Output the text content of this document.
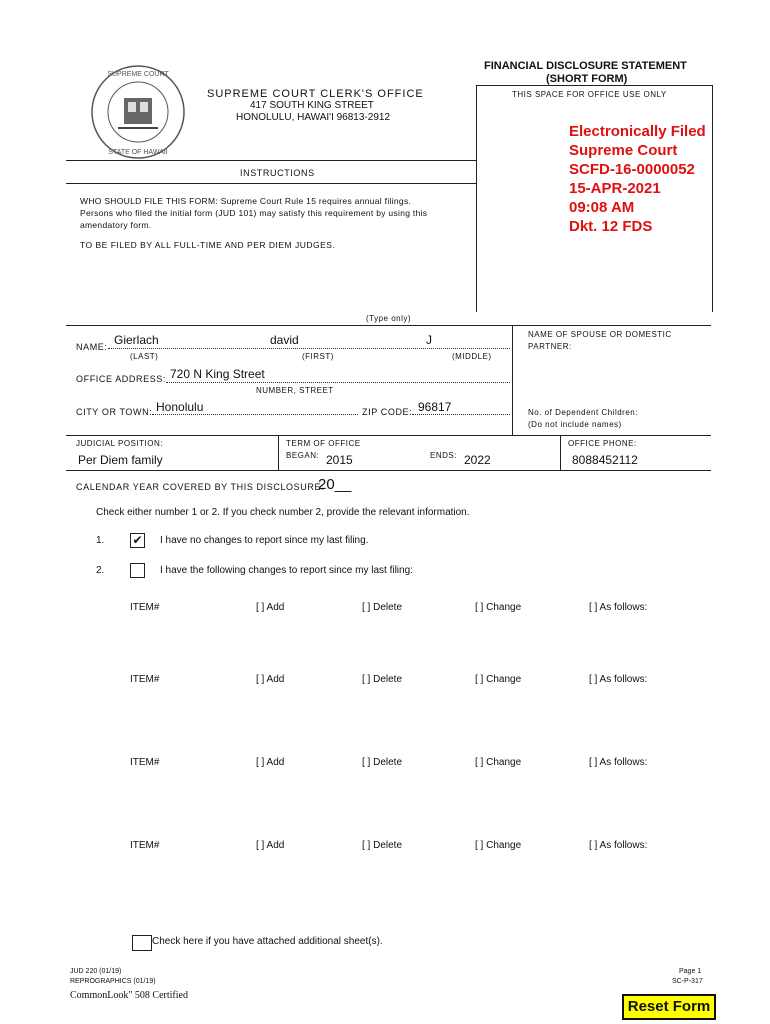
SUPREME COURT
STATE OF HAWAII
SUPREME COURT CLERK'S OFFICE
417 SOUTH KING STREET
HONOLULU, HAWAI'I 96813-2912
FINANCIAL DISCLOSURE STATEMENT
(SHORT FORM)
THIS SPACE FOR OFFICE USE ONLY
Electronically Filed
Supreme Court
SCFD-16-0000052
15-APR-2021
09:08 AM
Dkt. 12 FDS
INSTRUCTIONS
WHO SHOULD FILE THIS FORM: Supreme Court Rule 15 requires annual filings.
Persons who filed the initial form (JUD 101) may satisfy this requirement by using this
amendatory form.
TO BE FILED BY ALL FULL-TIME AND PER DIEM JUDGES.
(Type only)
NAME: Gierlach	david	J
(LAST)	(FIRST)	(MIDDLE)
NAME OF SPOUSE OR DOMESTIC
PARTNER:
OFFICE ADDRESS: 720 N King Street
NUMBER, STREET
CITY OR TOWN: Honolulu	ZIP CODE: 96817	No. of Dependent Children:
(Do not include names)
JUDICIAL POSITION:
Per Diem family
TERM OF OFFICE
BEGAN: 2015	ENDS: 2022
OFFICE PHONE:
8088452112
CALENDAR YEAR COVERED BY THIS DISCLOSURE:
20__
Check either number 1 or 2. If you check number 2, provide the relevant information.
1. ✔ I have no changes to report since my last filing.
2.	I have the following changes to report since my last filing:
ITEM#	[ ] Add	[ ] Delete	[ ] Change	[ ] As follows:
ITEM#	[ ] Add	[ ] Delete	[ ] Change	[ ] As follows:
ITEM#	[ ] Add	[ ] Delete	[ ] Change	[ ] As follows:
ITEM#	[ ] Add	[ ] Delete	[ ] Change	[ ] As follows:
Check here if you have attached additional sheet(s).
JUD 220 (01/19)
REPROGRAPHICS (01/19)
CommonLook" 508 Certified
Page 1
SC-P-317
Reset Form
